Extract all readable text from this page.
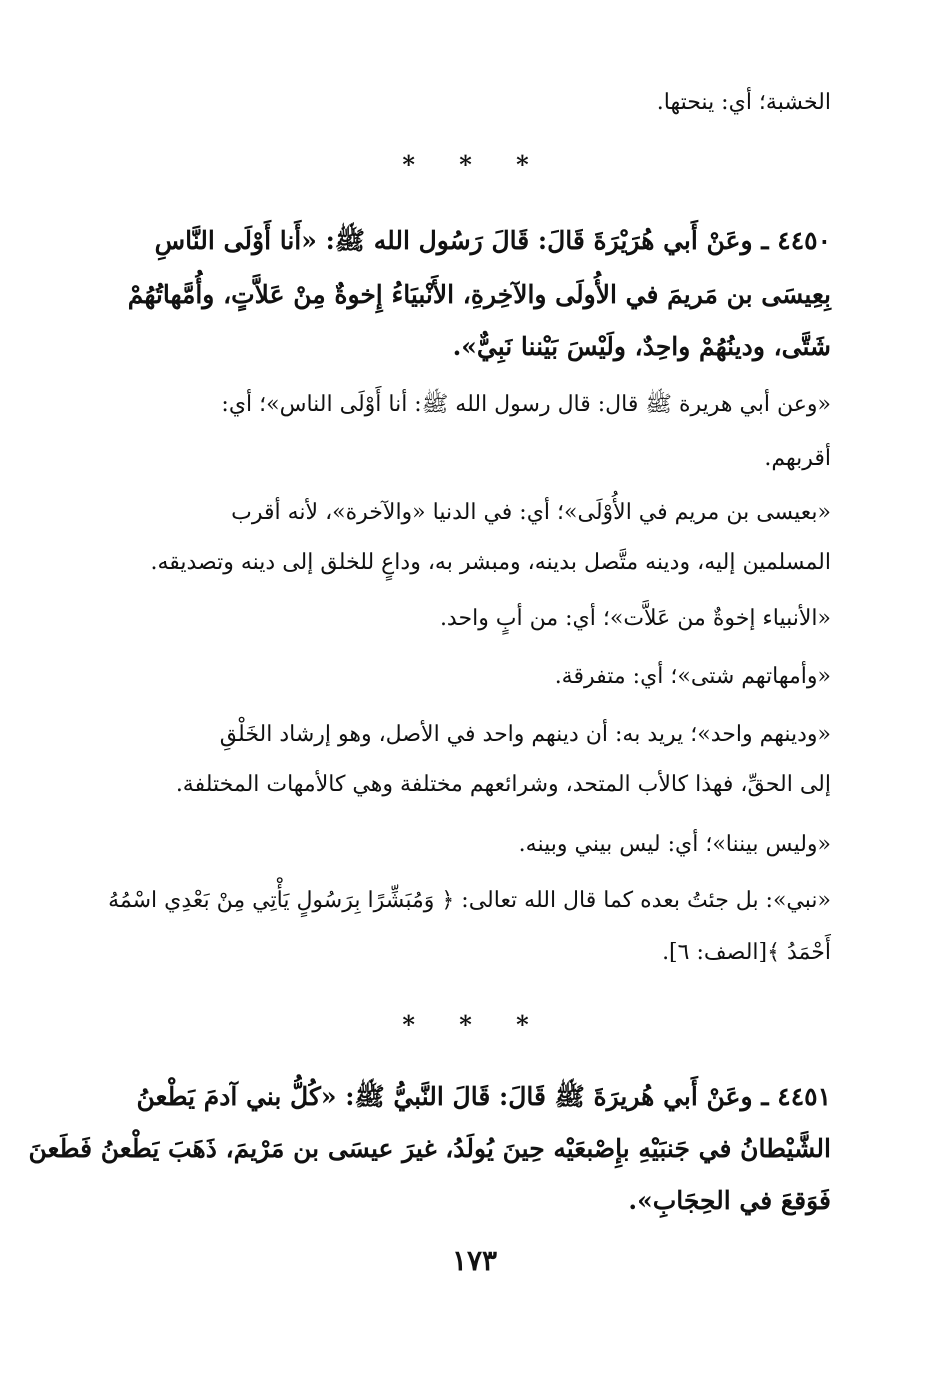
الخشبة؛ أي: ينحتها.
* * *
٤٤٥٠ ـ وعَنْ أَبي هُرَيْرَةَ قَالَ: قَالَ رَسُول الله ﷺ: «أَنا أَوْلَى النَّاسِ
بِعِيسَى بن مَريمَ في الأُولَى والآخِرةِ، الأَنْبيَاءُ إِخوةٌ مِنْ عَلاَّتٍ، وأُمَّهاتُهُمْ
شَتَّى، ودينُهُمْ واحِدٌ، ولَيْسَ بَيْننا نَبِيٌّ».
«وعن أبي هريرة ﷺ قال: قال رسول الله ﷺ: أنا أَوْلَى الناس»؛ أي:
أقربهم.
«بعيسى بن مريم في الأُوْلَى»؛ أي: في الدنيا «والآخرة»، لأنه أقرب
المسلمين إليه، ودينه متَّصل بدينه، ومبشر به، وداعٍ للخلق إلى دينه وتصديقه.
«الأنبياء إخوةٌ من عَلاَّت»؛ أي: من أبٍ واحد.
«وأمهاتهم شتى»؛ أي: متفرقة.
«ودينهم واحد»؛ يريد به: أن دينهم واحد في الأصل، وهو إرشاد الخَلْقِ
إلى الحقِّ، فهذا كالأب المتحد، وشرائعهم مختلفة وهي كالأمهات المختلفة.
«وليس بيننا»؛ أي: ليس بيني وبينه.
«نبي»: بل جئتُ بعده كما قال الله تعالى: ﴿ وَمُبَشِّرًا بِرَسُولٍ يَأْتِي مِنْ بَعْدِي اسْمُهُ
أَحْمَدُ ﴾[الصف: ٦].
* * *
٤٤٥١ ـ وعَنْ أَبي هُريرَةَ ﷺ قَالَ: قَالَ النَّبيُّ ﷺ: «كُلُّ بني آدمَ يَطْعنُ
الشَّيْطانُ في جَنبَيْهِ بإِصْبعَيْه حِينَ يُولَدُ، غيرَ عيسَى بن مَرْيمَ، ذَهَبَ يَطْعنُ فَطَعنَ
فَوَقعَ في الحِجَابِ».
١٧٣
